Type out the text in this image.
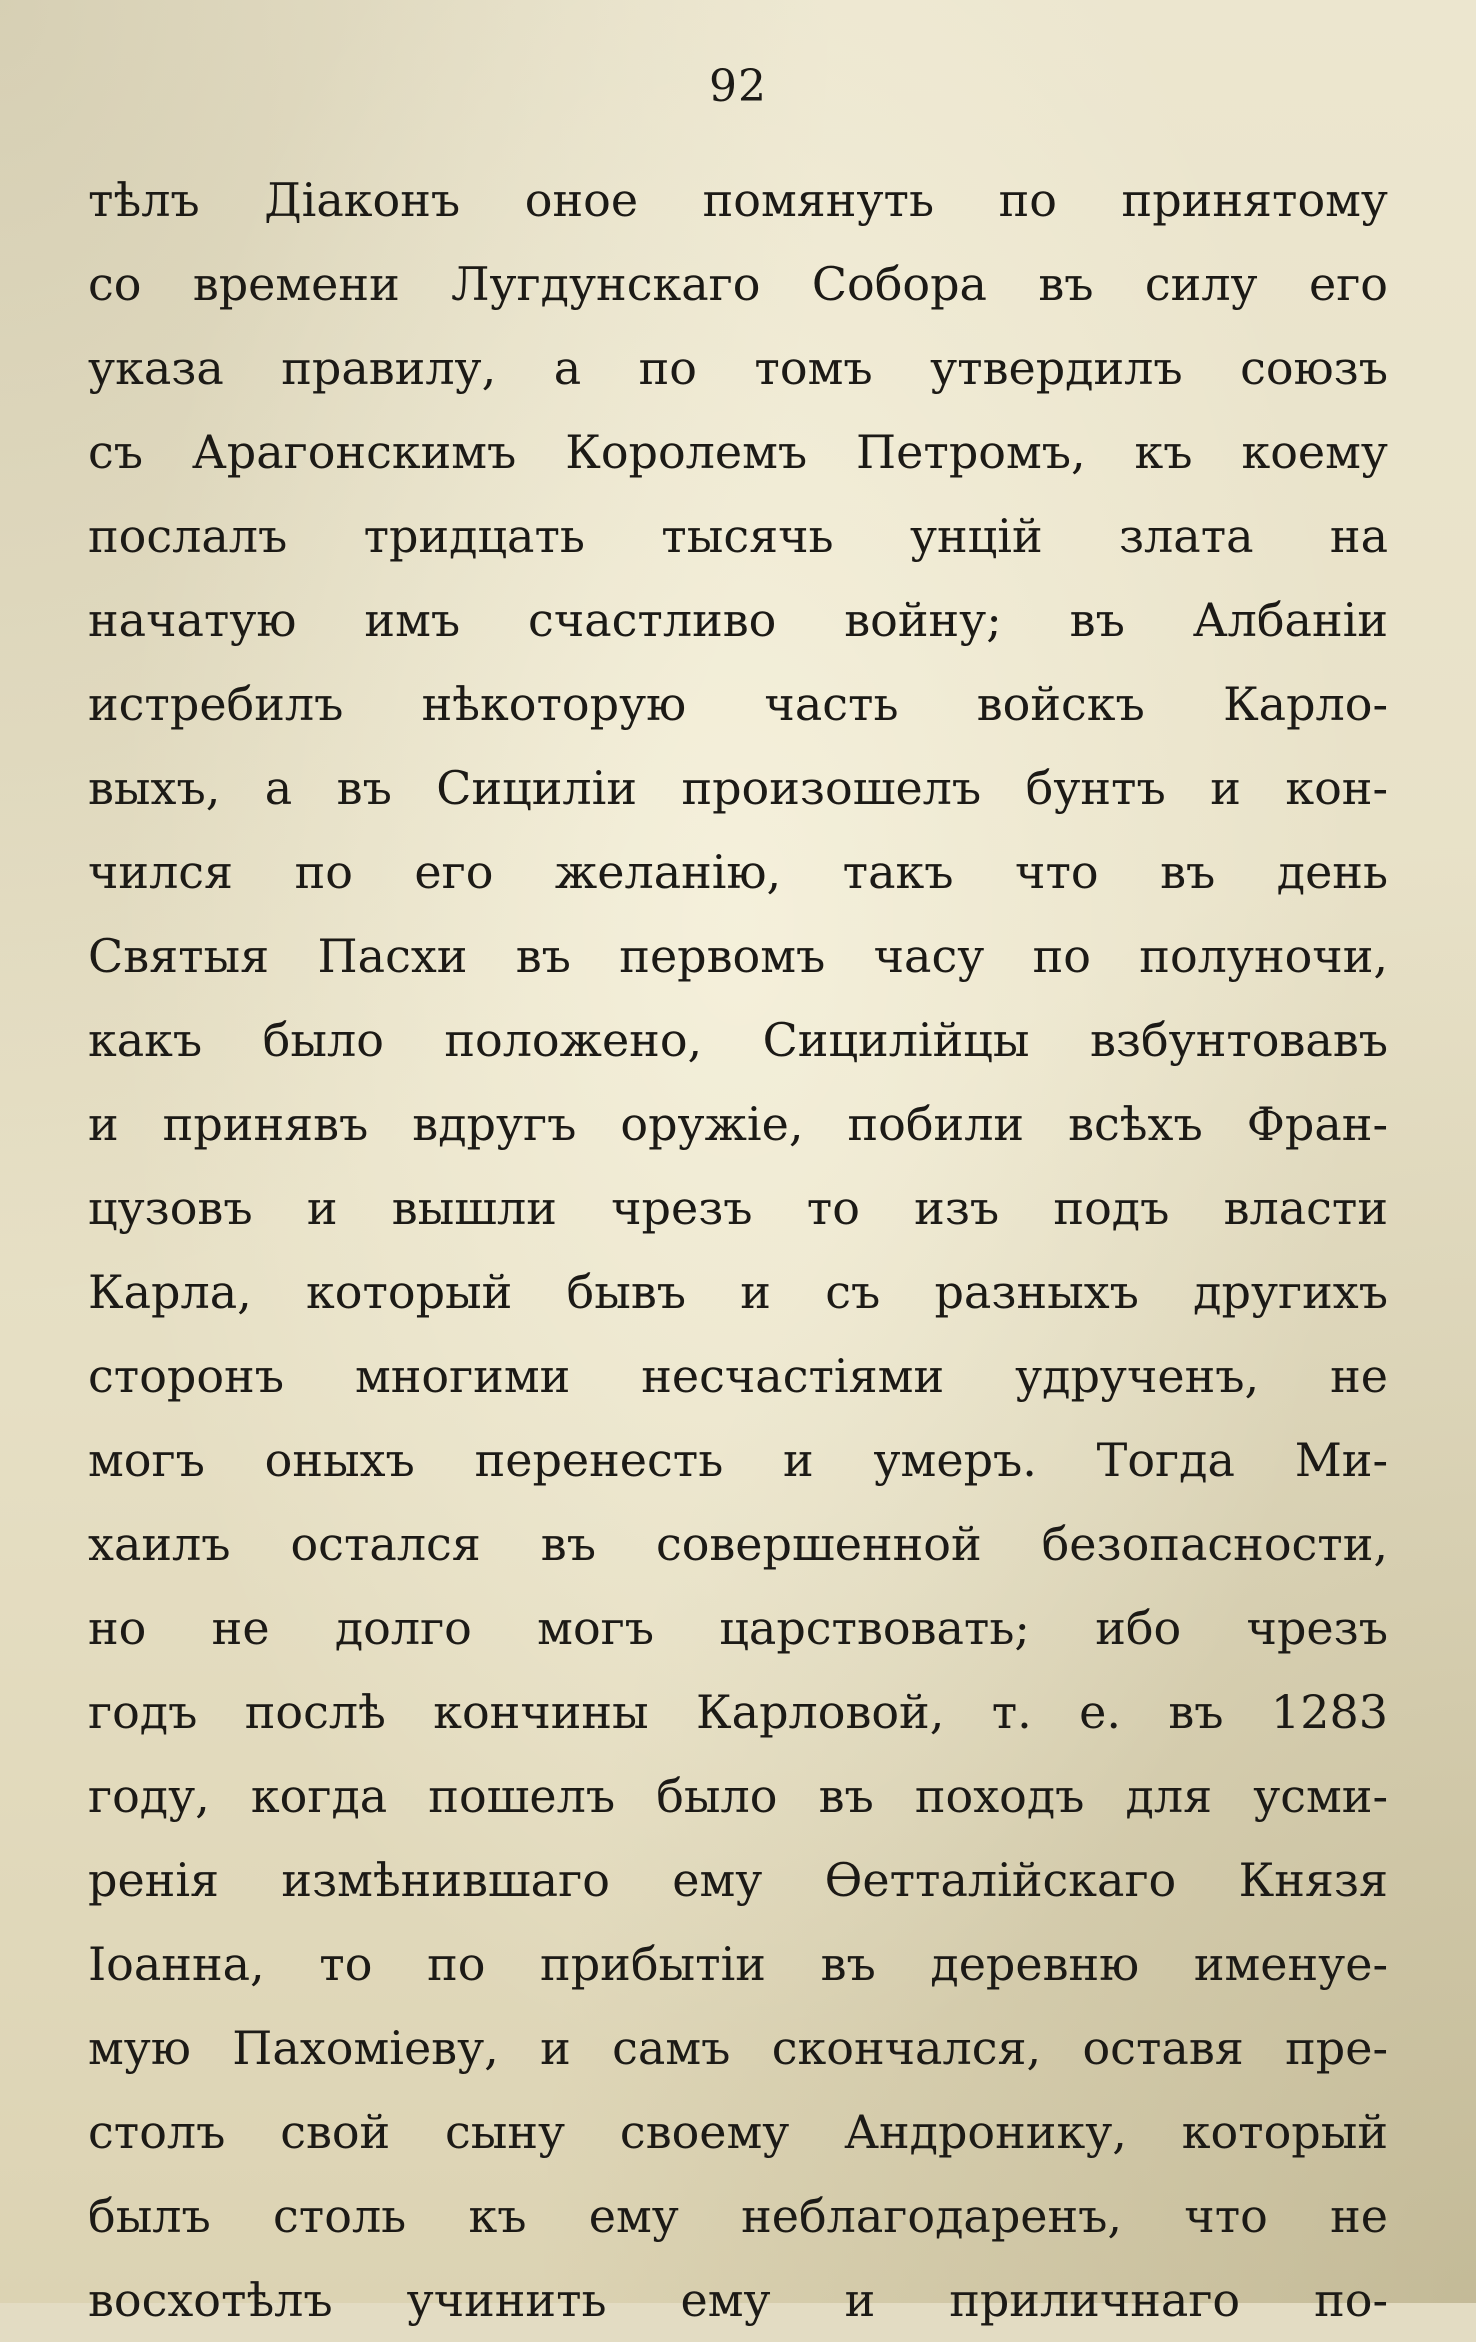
92
тѣлъ Діаконъ оное помянуть по принятому
со времени Лугдунскаго Собора въ силу его
указа правилу, а по томъ утвердилъ союзъ
съ Арагонскимъ Королемъ Петромъ, къ коему
послалъ тридцать тысячь унцій злата на
начатую имъ счастливо войну; въ Албаніи
истребилъ нѣкоторую часть войскъ Карло-
выхъ, а въ Сициліи произошелъ бунтъ и кон-
чился по его желанію, такъ что въ день
Святыя Пасхи въ первомъ часу по полуночи,
какъ было положено, Сицилійцы взбунтовавъ
и принявъ вдругъ оружіе, побили всѣхъ Фран-
цузовъ и вышли чрезъ то изъ подъ власти
Карла, который бывъ и съ разныхъ другихъ
сторонъ многими несчастіями удрученъ, не
могъ оныхъ перенесть и умеръ. Тогда Ми-
хаилъ остался въ совершенной безопасности,
но не долго могъ царствовать; ибо чрезъ
годъ послѣ кончины Карловой, т. е. въ 1283
году, когда пошелъ было въ походъ для усми-
ренія измѣнившаго ему Ѳетталійскаго Князя
Іоанна, то по прибытіи въ деревню именуе-
мую Пахоміеву, и самъ скончался, оставя пре-
столъ свой сыну своему Андронику, который
былъ столь къ ему неблагодаренъ, что не
восхотѣлъ учинить ему и приличнаго по-
